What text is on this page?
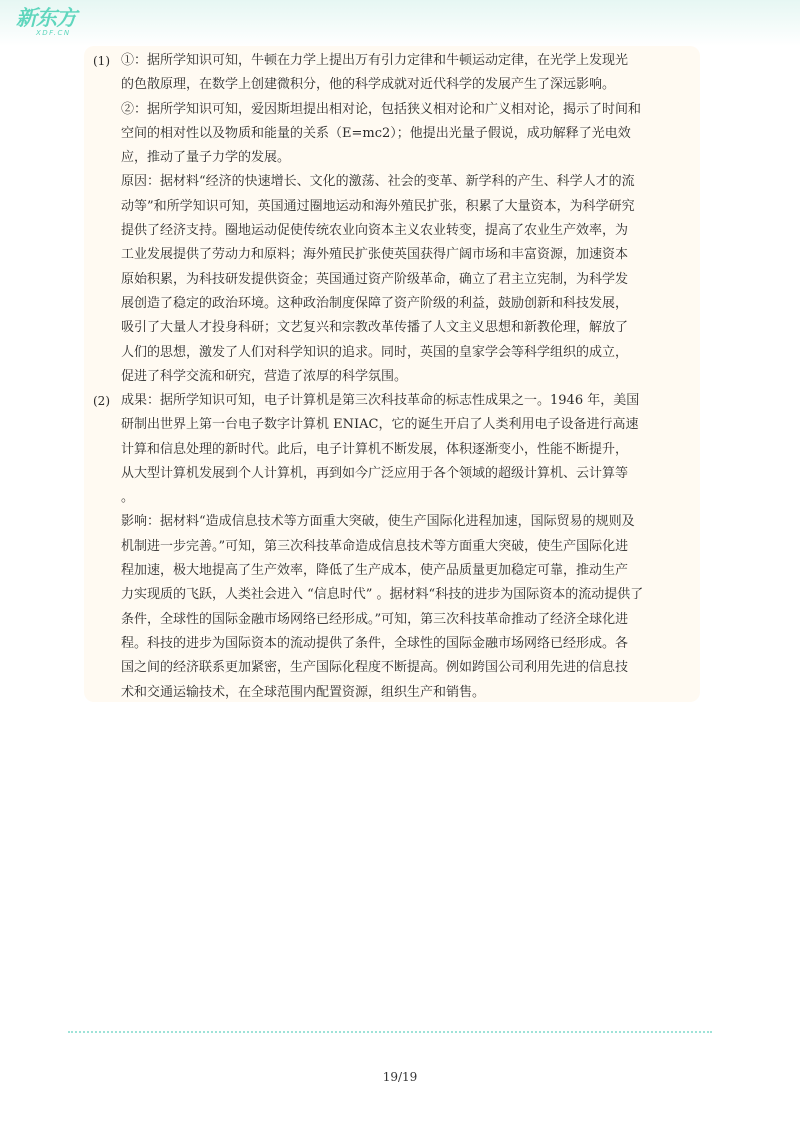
新东方
XDF.CN
(1) ①：据所学知识可知，牛顿在力学上提出万有引力定律和牛顿运动定律，在光学上发现光
的色散原理，在数学上创建微积分，他的科学成就对近代科学的发展产生了深远影响。
②：据所学知识可知，爱因斯坦提出相对论，包括狭义相对论和广义相对论，揭示了时间和
空间的相对性以及物质和能量的关系（E=mc2）；他提出光量子假说，成功解释了光电效
应，推动了量子力学的发展。
原因：据材料“经济的快速增长、文化的激荡、社会的变革、新学科的产生、科学人才的流
动等”和所学知识可知，英国通过圈地运动和海外殖民扩张，积累了大量资本，为科学研究
提供了经济支持。圈地运动促使传统农业向资本主义农业转变，提高了农业生产效率，为
工业发展提供了劳动力和原料；海外殖民扩张使英国获得广阔市场和丰富资源，加速资本
原始积累，为科技研发提供资金；英国通过资产阶级革命，确立了君主立宪制，为科学发
展创造了稳定的政治环境。这种政治制度保障了资产阶级的利益，鼓励创新和科技发展，
吸引了大量人才投身科研；文艺复兴和宗教改革传播了人文主义思想和新教伦理，解放了
人们的思想，激发了人们对科学知识的追求。同时，英国的皇家学会等科学组织的成立，
促进了科学交流和研究，营造了浓厚的科学氛围。
(2) 成果：据所学知识可知，电子计算机是第三次科技革命的标志性成果之一。1946 年，美国
研制出世界上第一台电子数字计算机 ENIAC，它的诞生开启了人类利用电子设备进行高速
计算和信息处理的新时代。此后，电子计算机不断发展，体积逐渐变小，性能不断提升，
从大型计算机发展到个人计算机，再到如今广泛应用于各个领域的超级计算机、云计算等
。
影响：据材料“造成信息技术等方面重大突破，使生产国际化进程加速，国际贸易的规则及
机制进一步完善。”可知，第三次科技革命造成信息技术等方面重大突破，使生产国际化进
程加速，极大地提高了生产效率，降低了生产成本，使产品质量更加稳定可靠，推动生产
力实现质的飞跃，人类社会进入 “信息时代” 。据材料“科技的进步为国际资本的流动提供了
条件，全球性的国际金融市场网络已经形成。”可知，第三次科技革命推动了经济全球化进
程。科技的进步为国际资本的流动提供了条件，全球性的国际金融市场网络已经形成。各
国之间的经济联系更加紧密，生产国际化程度不断提高。例如跨国公司利用先进的信息技
术和交通运输技术，在全球范围内配置资源，组织生产和销售。
19/19
